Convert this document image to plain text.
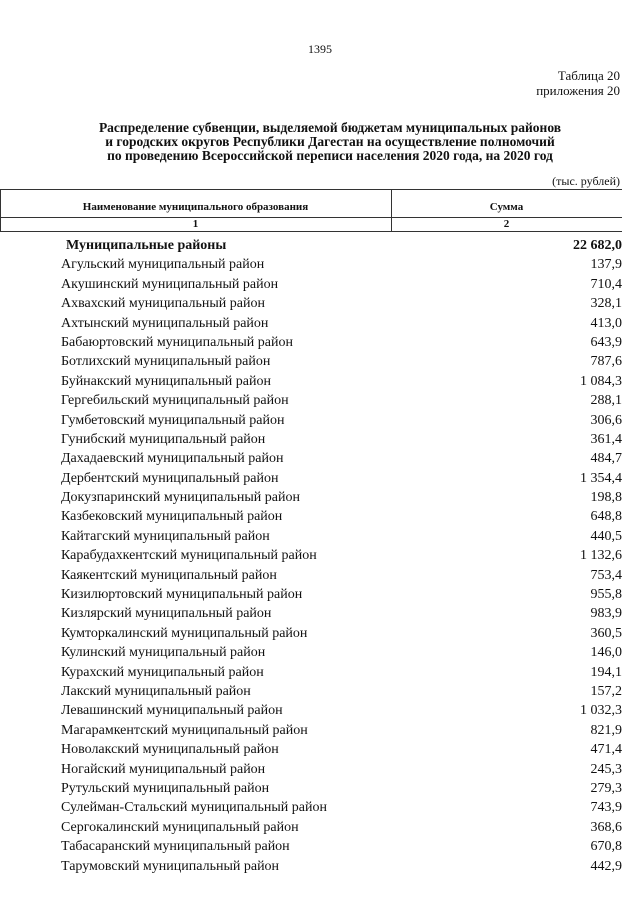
1395
Таблица 20
приложения 20
Распределение субвенции, выделяемой бюджетам муниципальных районов
и городских округов Республики Дагестан на осуществление полномочий
по проведению Всероссийской переписи населения 2020 года, на 2020 год
(тыс. рублей)
Наименование муниципального образования	Сумма
1	2
Муниципальные районы	22 682,0
Агульский муниципальный район	137,9
Акушинский муниципальный район	710,4
Ахвахский муниципальный район	328,1
Ахтынский муниципальный район	413,0
Бабаюртовский муниципальный район	643,9
Ботлихский муниципальный район	787,6
Буйнакский муниципальный район	1 084,3
Гергебильский муниципальный район	288,1
Гумбетовский муниципальный район	306,6
Гунибский муниципальный район	361,4
Дахадаевский муниципальный район	484,7
Дербентский муниципальный район	1 354,4
Докузпаринский муниципальный район	198,8
Казбековский муниципальный район	648,8
Кайтагский муниципальный район	440,5
Карабудахкентский муниципальный район	1 132,6
Каякентский муниципальный район	753,4
Кизилюртовский муниципальный район	955,8
Кизлярский муниципальный район	983,9
Кумторкалинский муниципальный район	360,5
Кулинский муниципальный район	146,0
Курахский муниципальный район	194,1
Лакский муниципальный район	157,2
Левашинский муниципальный район	1 032,3
Магарамкентский муниципальный район	821,9
Новолакский муниципальный район	471,4
Ногайский муниципальный район	245,3
Рутульский муниципальный район	279,3
Сулейман-Стальский муниципальный район	743,9
Сергокалинский муниципальный район	368,6
Табасаранский муниципальный район	670,8
Тарумовский муниципальный район	442,9
